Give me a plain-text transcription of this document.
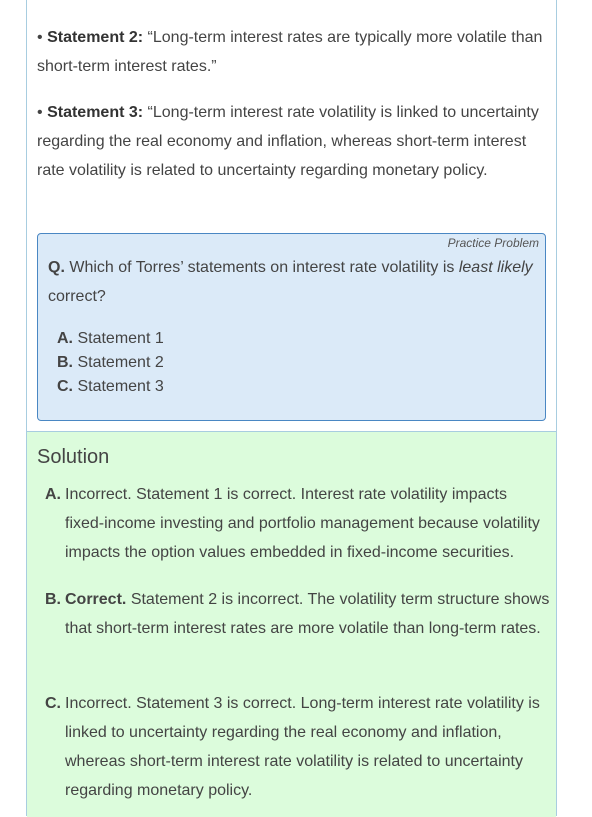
• Statement 2: “Long-term interest rates are typically more volatile than short-term interest rates.”
• Statement 3: “Long-term interest rate volatility is linked to uncertainty regarding the real economy and inflation, whereas short-term interest rate volatility is related to uncertainty regarding monetary policy.
Practice Problem
Q. Which of Torres’ statements on interest rate volatility is least likely correct?
A. Statement 1
B. Statement 2
C. Statement 3
Solution
A. Incorrect. Statement 1 is correct. Interest rate volatility impacts fixed-income investing and portfolio management because volatility impacts the option values embedded in fixed-income securities.
B. Correct. Statement 2 is incorrect. The volatility term structure shows that short-term interest rates are more volatile than long-term rates.
C. Incorrect. Statement 3 is correct. Long-term interest rate volatility is linked to uncertainty regarding the real economy and inflation, whereas short-term interest rate volatility is related to uncertainty regarding monetary policy.
